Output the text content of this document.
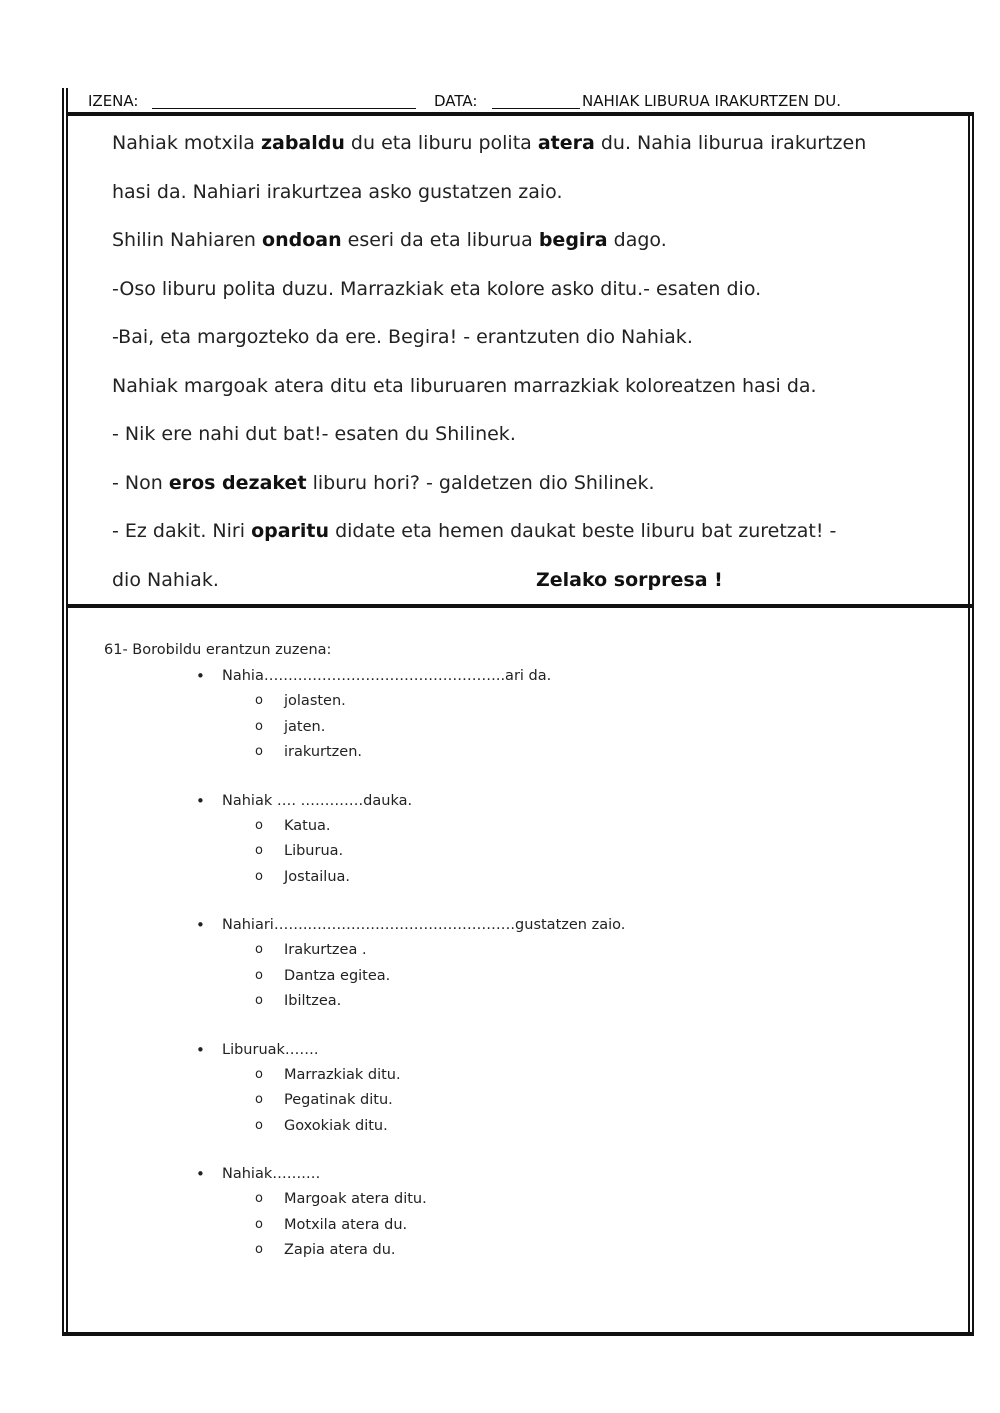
IZENA:	DATA:	NAHIAK LIBURUA IRAKURTZEN DU.

Nahiak motxila zabaldu du eta liburu polita atera du. Nahia liburua irakurtzen

hasi da. Nahiari irakurtzea asko gustatzen zaio.

Shilin Nahiaren ondoan eseri da eta liburua begira dago.

-Oso liburu polita duzu. Marrazkiak eta kolore asko ditu.- esaten dio.

-Bai, eta margozteko da ere. Begira! - erantzuten dio Nahiak.

Nahiak margoak atera ditu eta liburuaren marrazkiak koloreatzen hasi da.

- Nik ere nahi dut bat!- esaten du Shilinek.

- Non eros dezaket liburu hori? - galdetzen dio Shilinek.

- Ez dakit. Niri oparitu didate eta hemen daukat beste liburu bat zuretzat! -

dio Nahiak.	Zelako sorpresa !

61- Borobildu erantzun zuzena:
• Nahia…………………………………………..ari da.
o jolasten.
o jaten.
o irakurtzen.
• Nahiak …. ………….dauka.
o Katua.
o Liburua.
o Jostailua.
• Nahiari…….…………………………………….gustatzen zaio.
o Irakurtzea .
o Dantza egitea.
o Ibiltzea.
• Liburuak…….
o Marrazkiak ditu.
o Pegatinak ditu.
o Goxokiak ditu.
• Nahiak…….…
o Margoak atera ditu.
o Motxila atera du.
o Zapia atera du.
